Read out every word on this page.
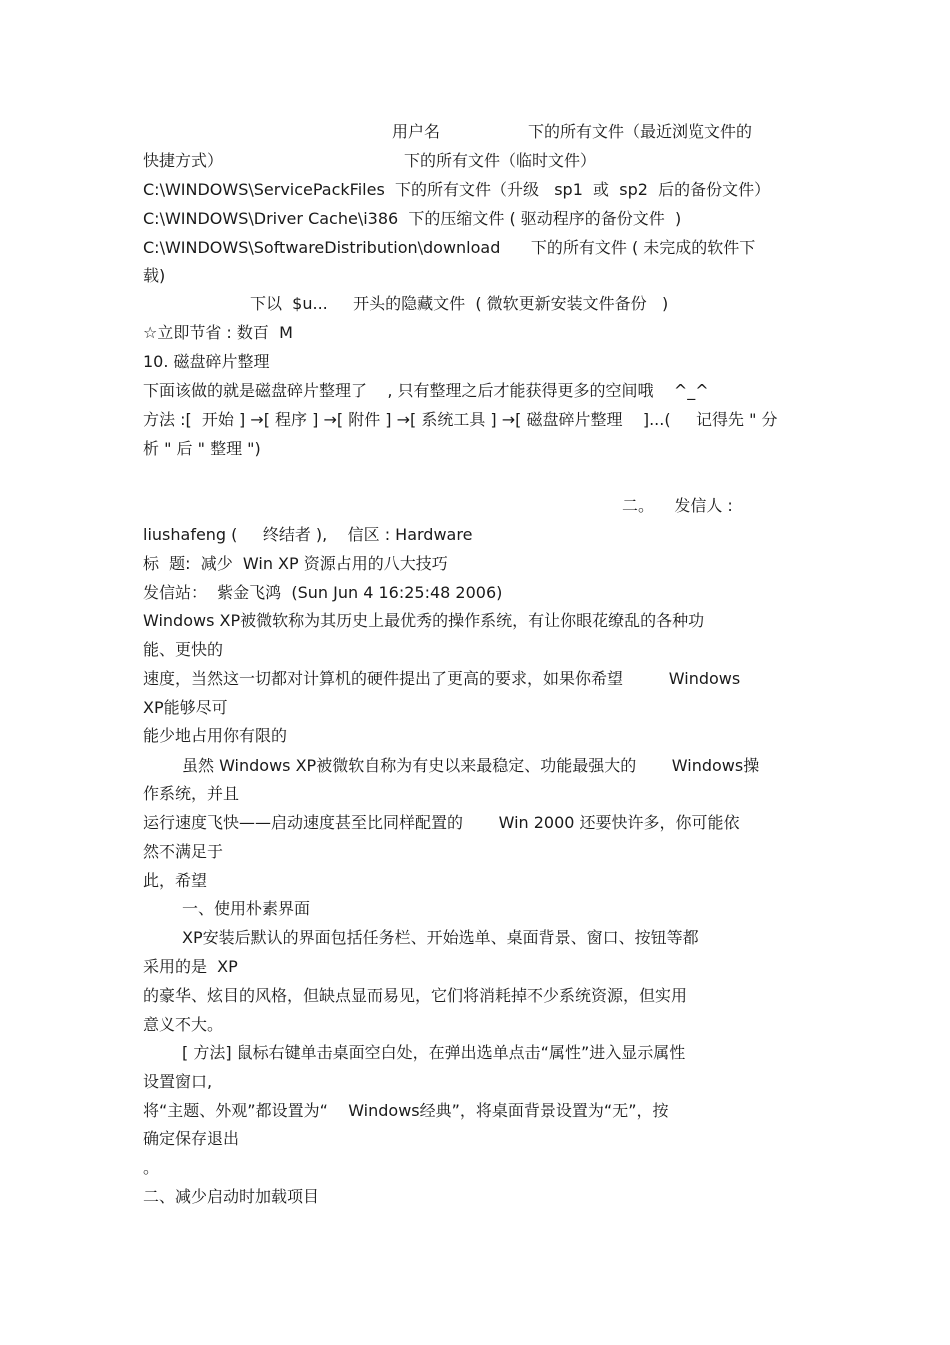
用户名	下的所有文件（最近浏览文件的
快捷方式）	下的所有文件（临时文件）
C:\WINDOWS\ServicePackFiles  下的所有文件（升级   sp1  或  sp2  后的备份文件）
C:\WINDOWS\Driver Cache\i386  下的压缩文件 ( 驱动程序的备份文件  )
C:\WINDOWS\SoftwareDistribution\download      下的所有文件 ( 未完成的软件下
载)
下以  $u...     开头的隐藏文件  ( 微软更新安装文件备份   )
☆立即节省 : 数百  M
10. 磁盘碎片整理
下面该做的就是磁盘碎片整理了    , 只有整理之后才能获得更多的空间哦    ^_^
方法 :[  开始 ] →[ 程序 ] →[ 附件 ] →[ 系统工具 ] →[ 磁盘碎片整理    ]...(     记得先 " 分
析 " 后 " 整理 ")
二。    发信人 :
liushafeng (     终结者 ),    信区 : Hardware
标  题:  减少  Win XP 资源占用的八大技巧
发信站：  紫金飞鸿  (Sun Jun 4 16:25:48 2006)
Windows XP被微软称为其历史上最优秀的操作系统，有让你眼花缭乱的各种功
能、更快的
速度，当然这一切都对计算机的硬件提出了更高的要求，如果你希望         Windows
XP能够尽可
能少地占用你有限的
虽然 Windows XP被微软自称为有史以来最稳定、功能最强大的       Windows操
作系统，并且
运行速度飞快——启动速度甚至比同样配置的       Win 2000 还要快许多，你可能依
然不满足于
此，希望
一、使用朴素界面
XP安装后默认的界面包括任务栏、开始选单、桌面背景、窗口、按钮等都
采用的是  XP
的豪华、炫目的风格，但缺点显而易见，它们将消耗掉不少系统资源，但实用
意义不大。
[ 方法] 鼠标右键单击桌面空白处，在弹出选单点击“属性”进入显示属性
设置窗口,
将“主题、外观”都设置为“    Windows经典”，将桌面背景设置为“无”，按
确定保存退出
。
二、减少启动时加载项目
